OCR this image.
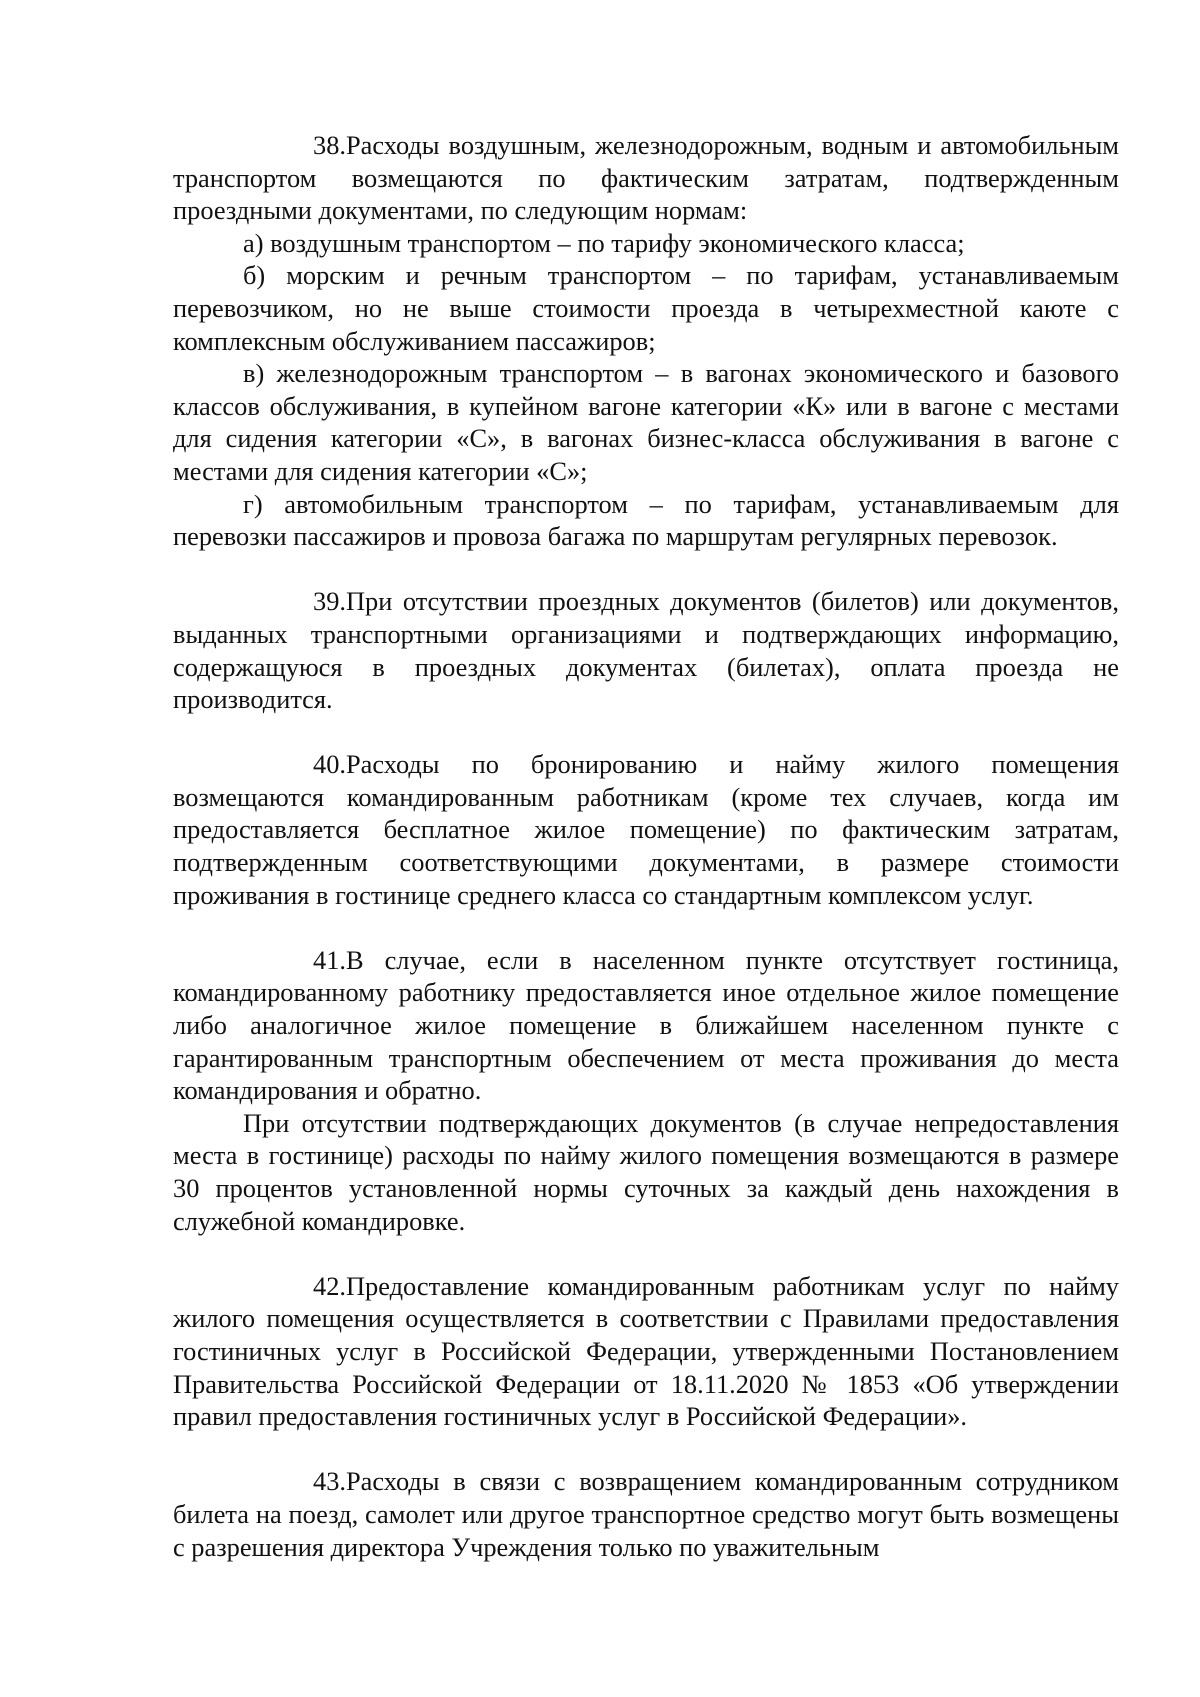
38.Расходы воздушным, железнодорожным, водным и автомобильным транспортом возмещаются по фактическим затратам, подтвержденным проездными документами, по следующим нормам:

а) воздушным транспортом – по тарифу экономического класса;

б) морским и речным транспортом – по тарифам, устанавливаемым перевозчиком, но не выше стоимости проезда в четырехместной каюте с комплексным обслуживанием пассажиров;

в) железнодорожным транспортом – в вагонах экономического и базового классов обслуживания, в купейном вагоне категории «К» или в вагоне с местами для сидения категории «С», в вагонах бизнес-класса обслуживания в вагоне с местами для сидения категории «С»;

г) автомобильным транспортом – по тарифам, устанавливаемым для перевозки пассажиров и провоза багажа по маршрутам регулярных перевозок.

39.При отсутствии проездных документов (билетов) или документов, выданных транспортными организациями и подтверждающих информацию, содержащуюся в проездных документах (билетах), оплата проезда не производится.

40.Расходы по бронированию и найму жилого помещения возмещаются командированным работникам (кроме тех случаев, когда им предоставляется бесплатное жилое помещение) по фактическим затратам, подтвержденным соответствующими документами, в размере стоимости проживания в гостинице среднего класса со стандартным комплексом услуг.

41.В случае, если в населенном пункте отсутствует гостиница, командированному работнику предоставляется иное отдельное жилое помещение либо аналогичное жилое помещение в ближайшем населенном пункте с гарантированным транспортным обеспечением от места проживания до места командирования и обратно.

При отсутствии подтверждающих документов (в случае непредоставления места в гостинице) расходы по найму жилого помещения возмещаются в размере 30 процентов установленной нормы суточных за каждый день нахождения в служебной командировке.

42.Предоставление командированным работникам услуг по найму жилого помещения осуществляется в соответствии с Правилами предоставления гостиничных услуг в Российской Федерации, утвержденными Постановлением Правительства Российской Федерации от 18.11.2020 № 1853 «Об утверждении правил предоставления гостиничных услуг в Российской Федерации».

43.Расходы в связи с возвращением командированным сотрудником билета на поезд, самолет или другое транспортное средство могут быть возмещены с разрешения директора Учреждения только по уважительным
